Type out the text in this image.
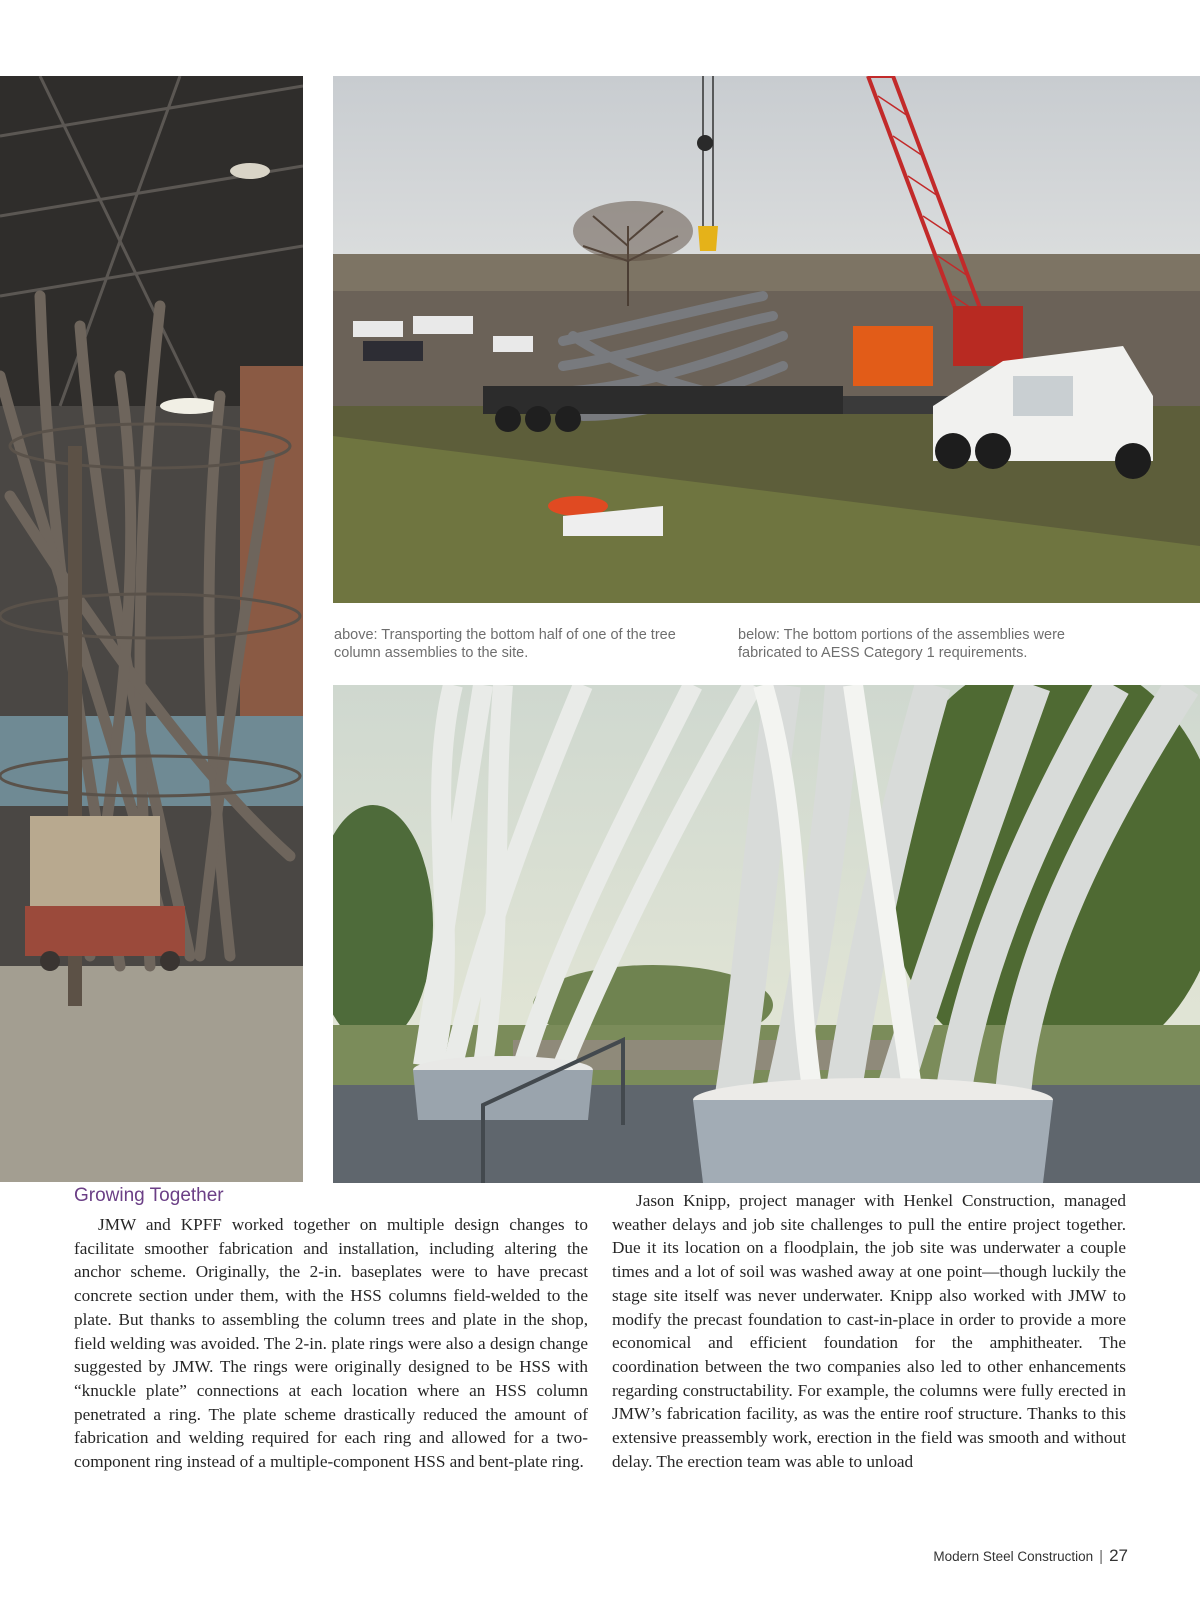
above: Transporting the bottom half of one of the tree column assemblies to the site.

below: The bottom portions of the assemblies were fabricated to AESS Category 1 requirements.

Growing Together

JMW and KPFF worked together on multiple design changes to facilitate smoother fabrication and installation, including altering the anchor scheme. Originally, the 2-in. baseplates were to have precast concrete section under them, with the HSS columns field-welded to the plate. But thanks to assembling the column trees and plate in the shop, field welding was avoided. The 2-in. plate rings were also a design change suggested by JMW. The rings were originally designed to be HSS with “knuckle plate” connections at each location where an HSS column penetrated a ring. The plate scheme drastically reduced the amount of fabrication and welding required for each ring and allowed for a two-component ring instead of a multiple-component HSS and bent-plate ring.

Jason Knipp, project manager with Henkel Construction, managed weather delays and job site challenges to pull the entire project together. Due it its location on a floodplain, the job site was underwater a couple times and a lot of soil was washed away at one point—though luckily the stage site itself was never underwater. Knipp also worked with JMW to modify the precast foundation to cast-in-place in order to provide a more economical and efficient foundation for the amphitheater. The coordination between the two companies also led to other enhancements regarding constructability. For example, the columns were fully erected in JMW’s fabrication facility, as was the entire roof structure. Thanks to this extensive preassembly work, erection in the field was smooth and without delay. The erection team was able to unload

Modern Steel Construction | 27
